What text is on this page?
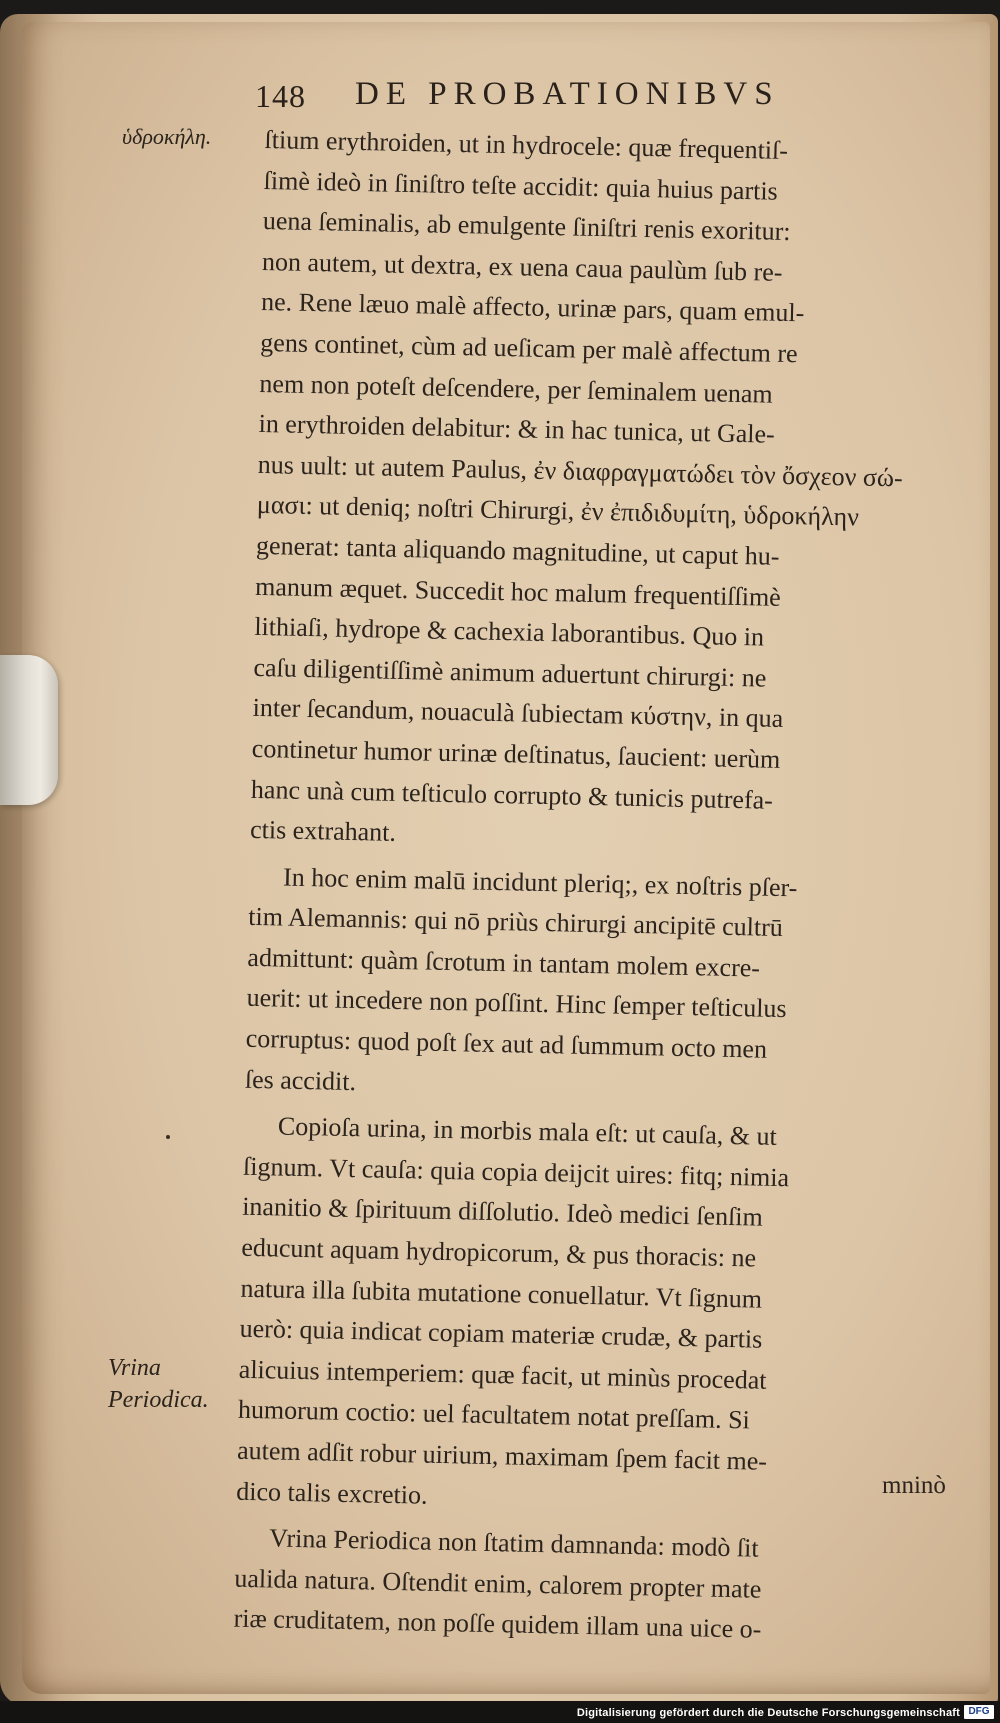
148 DE PROBATIONIBVS
ὑδροκήλη.
Vrina Periodica.
ſtium erythroiden, ut in hydrocele: quæ frequentiſ-
ſimè ideò in ſiniſtro teſte accidit: quia huius partis
uena ſeminalis, ab emulgente ſiniſtri renis exoritur:
non autem, ut dextra, ex uena caua paulùm ſub re-
ne. Rene læuo malè affecto, urinæ pars, quam emul-
gens continet, cùm ad ueſicam per malè affectum re
nem non poteſt deſcendere, per ſeminalem uenam
in erythroiden delabitur: & in hac tunica, ut Gale-
nus uult: ut autem Paulus, ἐν διαφραγματώδει τὸν ὄσχεον σώ-
μασι: ut deniq; noſtri Chirurgi, ἐν ἐπιδιδυμίτη, ὑδροκήλην
generat: tanta aliquando magnitudine, ut caput hu-
manum æquet. Succedit hoc malum frequentiſſimè
lithiaſi, hydrope & cachexia laborantibus. Quo in
caſu diligentiſſimè animum aduertunt chirurgi: ne
inter ſecandum, nouaculà ſubiectam κύστην, in qua
continetur humor urinæ deſtinatus, ſaucient: uerùm
hanc unà cum teſticulo corrupto & tunicis putrefa-
ctis extrahant.
In hoc enim malū incidunt pleriq;, ex noſtris pſer-
tim Alemannis: qui nō priùs chirurgi ancipitē cultrū
admittunt: quàm ſcrotum in tantam molem excre-
uerit: ut incedere non poſſint. Hinc ſemper teſticulus
corruptus: quod poſt ſex aut ad ſummum octo men
ſes accidit.
Copioſa urina, in morbis mala eſt: ut cauſa, & ut
ſignum. Vt cauſa: quia copia deijcit uires: fitq; nimia
inanitio & ſpirituum diſſolutio. Ideò medici ſenſim
educunt aquam hydropicorum, & pus thoracis: ne
natura illa ſubita mutatione conuellatur. Vt ſignum
uerò: quia indicat copiam materiæ crudæ, & partis
alicuius intemperiem: quæ facit, ut minùs procedat
humorum coctio: uel facultatem notat preſſam. Si
autem adſit robur uirium, maximam ſpem facit me-
dico talis excretio.
Vrina Periodica non ſtatim damnanda: modò ſit
ualida natura. Oſtendit enim, calorem propter mate
riæ cruditatem, non poſſe quidem illam una uice o-
mninò
Digitalisierung gefördert durch die Deutsche Forschungsgemeinschaft DFG
